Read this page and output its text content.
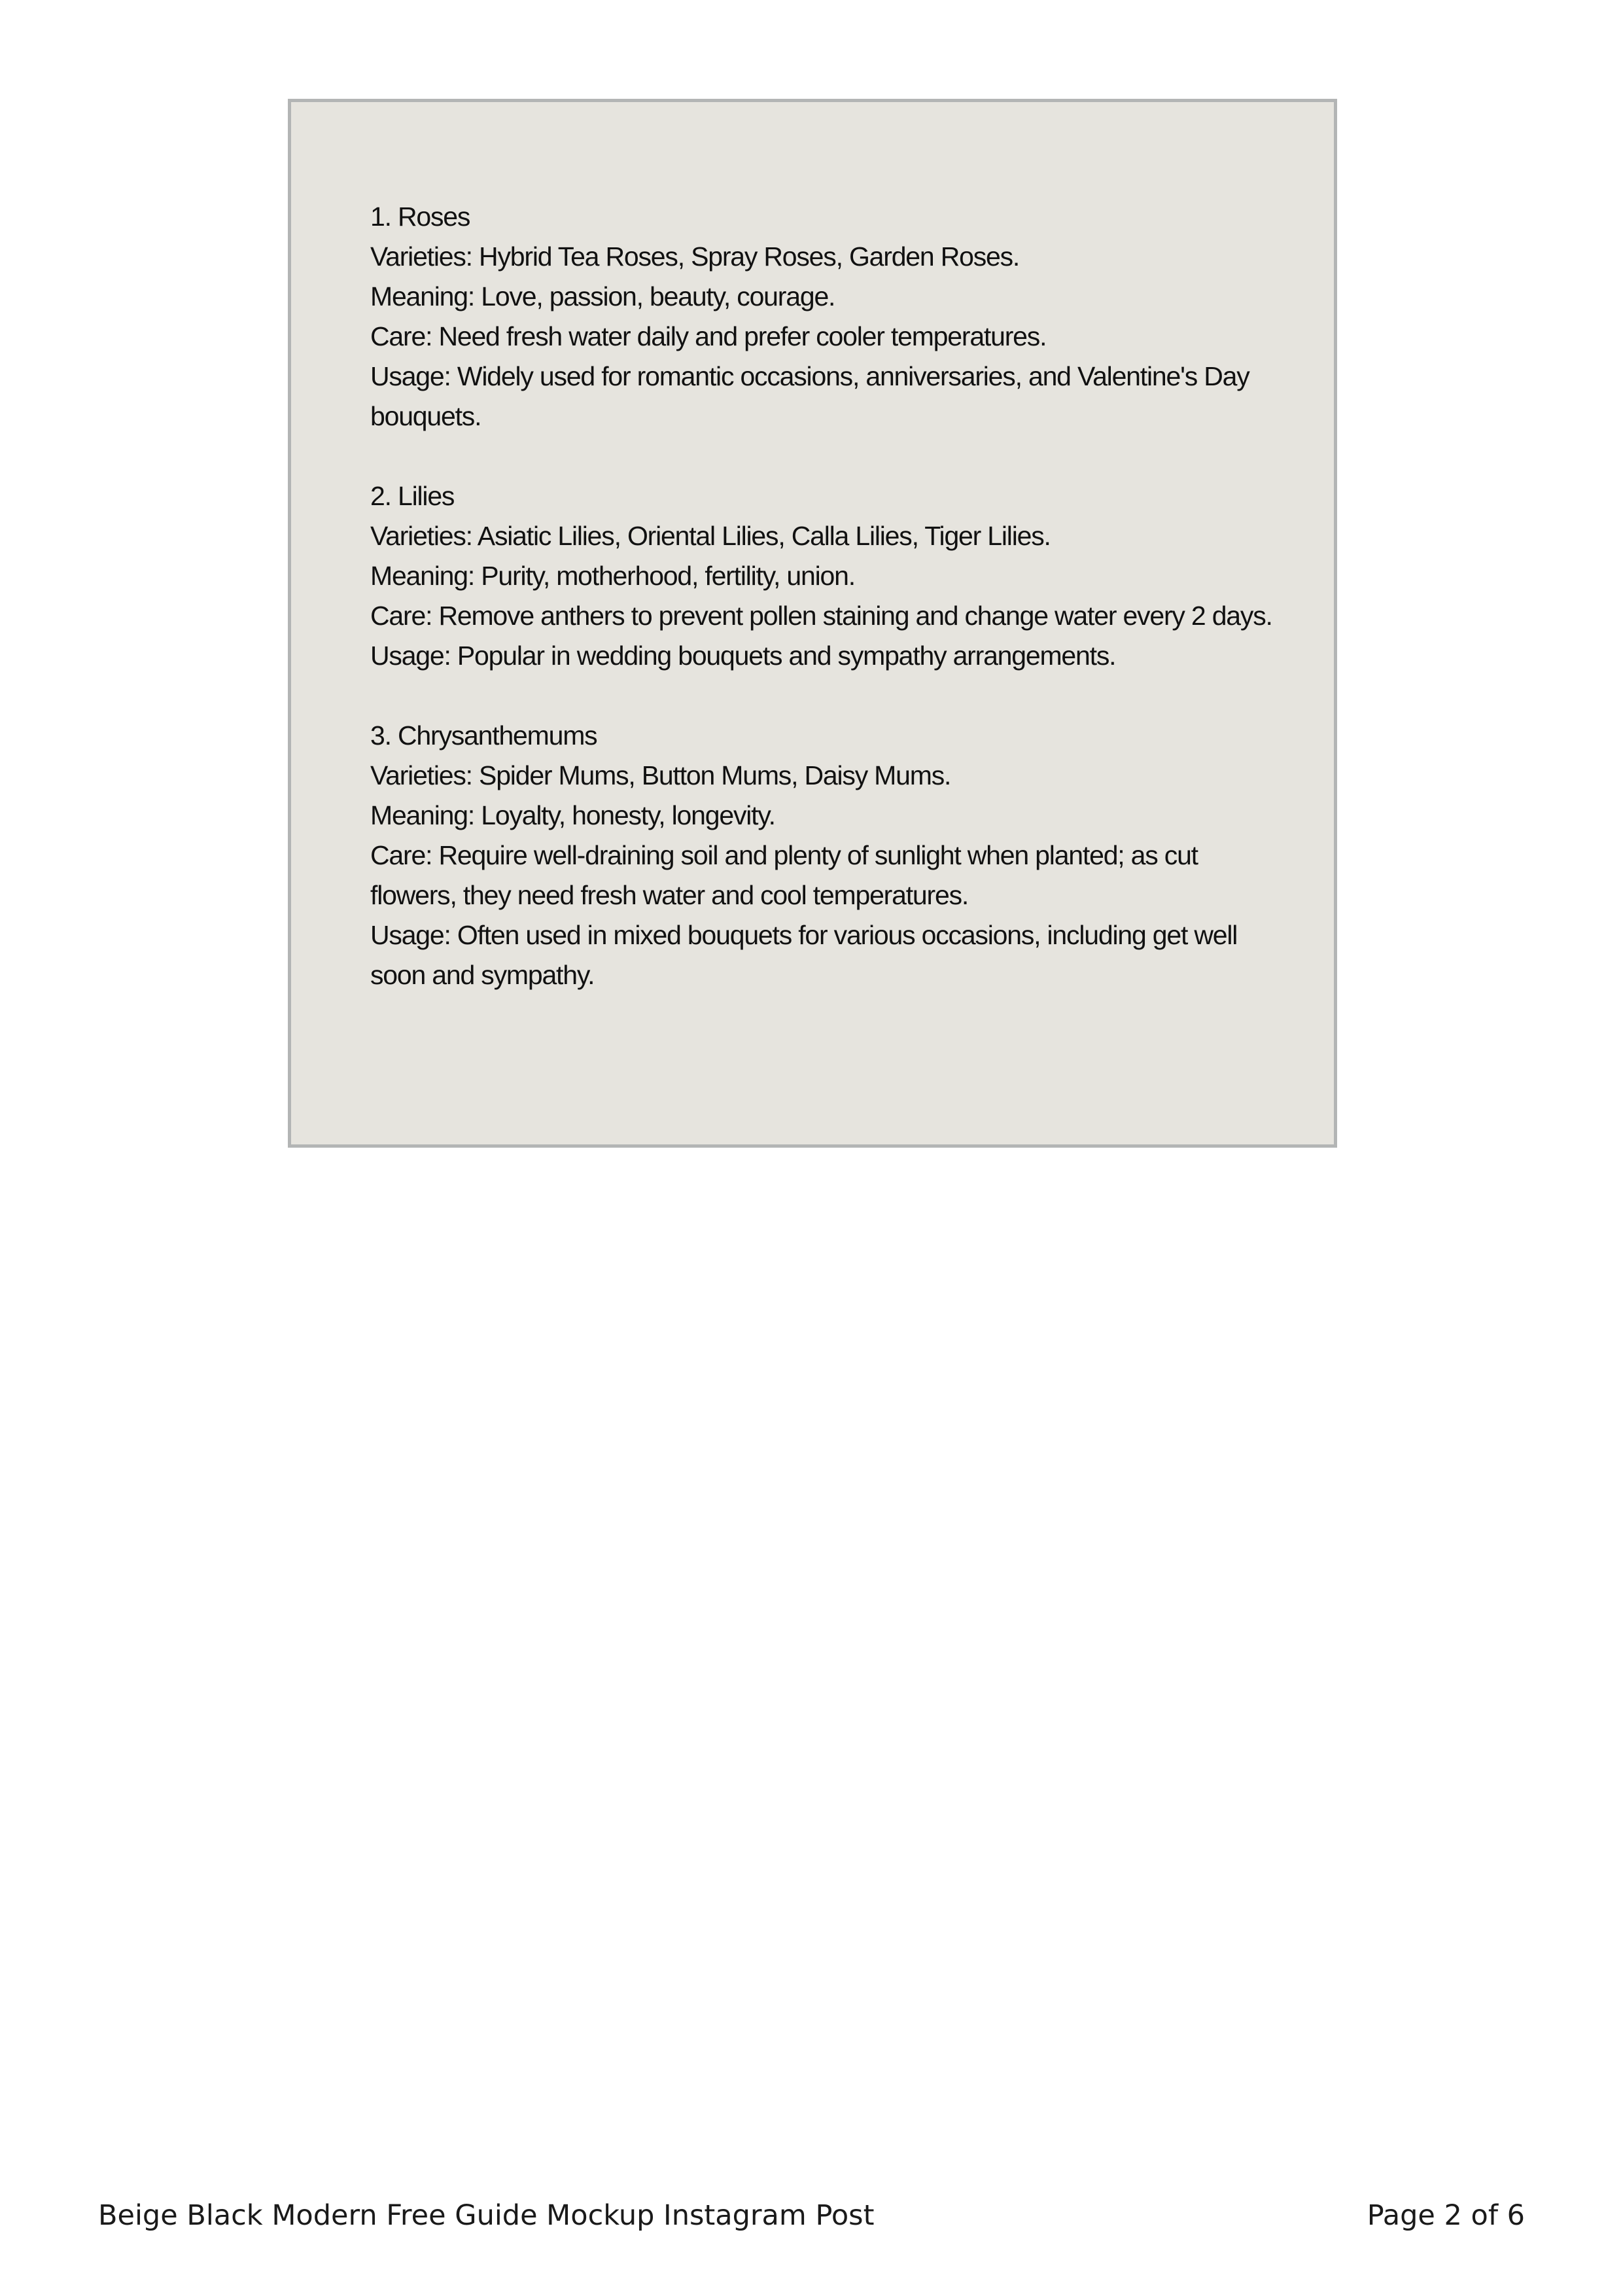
1. Roses
Varieties: Hybrid Tea Roses, Spray Roses, Garden Roses.
Meaning: Love, passion, beauty, courage.
Care: Need fresh water daily and prefer cooler temperatures.
Usage: Widely used for romantic occasions, anniversaries, and Valentine's Day bouquets.
2. Lilies
Varieties: Asiatic Lilies, Oriental Lilies, Calla Lilies, Tiger Lilies.
Meaning: Purity, motherhood, fertility, union.
Care: Remove anthers to prevent pollen staining and change water every 2 days.
Usage: Popular in wedding bouquets and sympathy arrangements.
3. Chrysanthemums
Varieties: Spider Mums, Button Mums, Daisy Mums.
Meaning: Loyalty, honesty, longevity.
Care: Require well-draining soil and plenty of sunlight when planted; as cut flowers, they need fresh water and cool temperatures.
Usage: Often used in mixed bouquets for various occasions, including get well soon and sympathy.
Beige Black Modern Free Guide Mockup Instagram Post	Page 2 of 6
